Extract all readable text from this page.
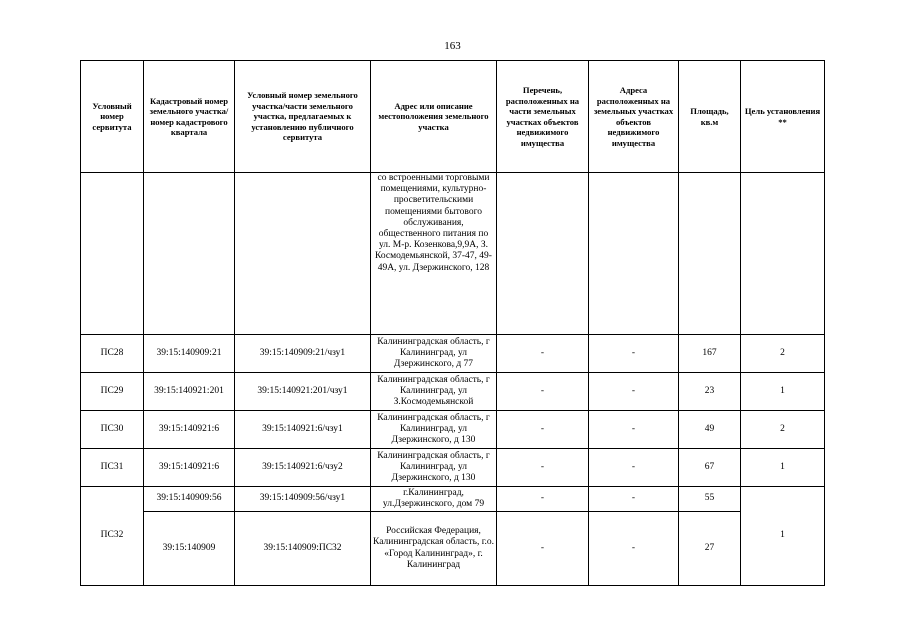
163
Условный номер сервитута	Кадастровый номер земельного участка/номер кадастрового квартала	Условный номер земельного участка/части земельного участка, предлагаемых к установлению публичного сервитута	Адрес или описание местоположения земельного участка	Перечень, расположенных на части земельных участках объектов недвижимого имущества	Адреса расположенных на земельных участках объектов недвижимого имущества	Площадь, кв.м	Цель установления **
			со встроенными торговыми помещениями, культурно-просветительскими помещениями бытового обслуживания, общественного питания по ул. М-р. Козенкова,9,9А, З. Космодемьянской, 37-47, 49-49А, ул. Дзержинского, 128				
ПС28	39:15:140909:21	39:15:140909:21/чзу1	Калининградская область, г Калининград, ул Дзержинского, д 77	-	-	167	2
ПС29	39:15:140921:201	39:15:140921:201/чзу1	Калининградская область, г Калининград, ул З.Космодемьянской	-	-	23	1
ПС30	39:15:140921:6	39:15:140921:6/чзу1	Калининградская область, г Калининград, ул Дзержинского, д 130	-	-	49	2
ПС31	39:15:140921:6	39:15:140921:6/чзу2	Калининградская область, г Калининград, ул Дзержинского, д 130	-	-	67	1
ПС32	39:15:140909:56	39:15:140909:56/чзу1	г.Калининград, ул.Дзержинского, дом 79	-	-	55	1
	39:15:140909	39:15:140909:ПС32	Российская Федерация, Калининградская область, г.о. «Город Калининград», г. Калининград	-	-	27	
